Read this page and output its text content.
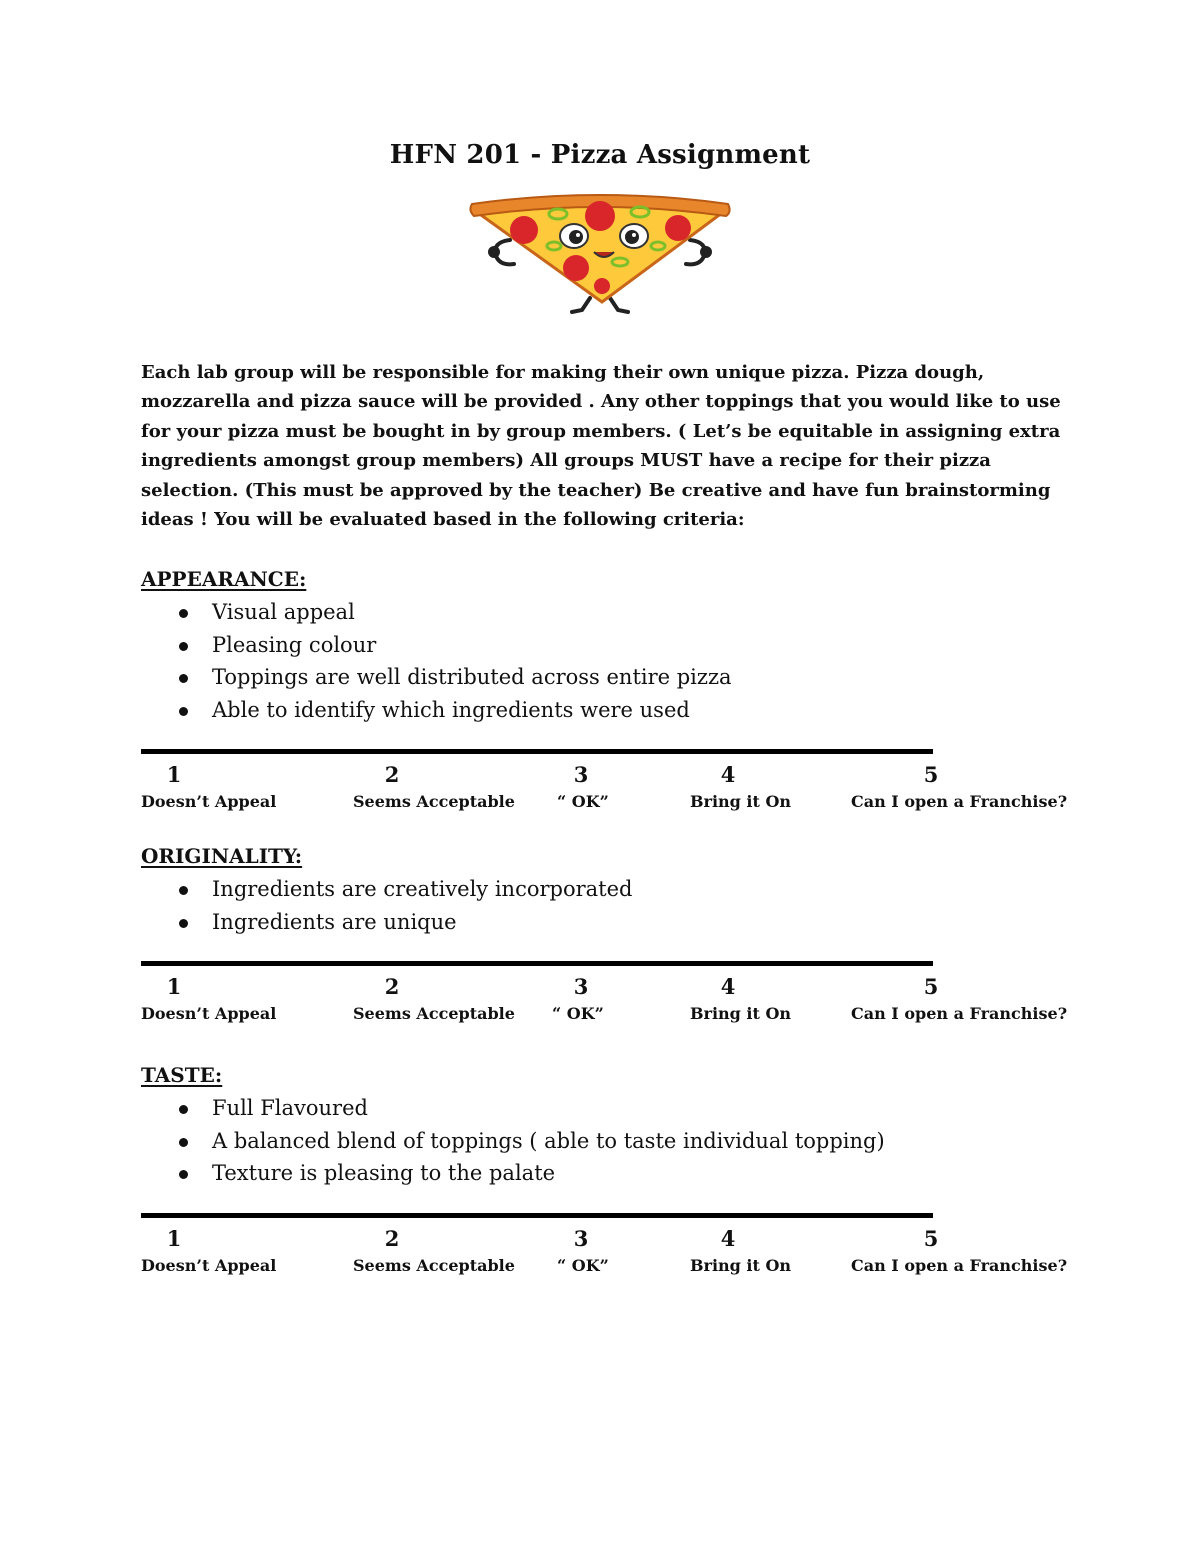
HFN 201 - Pizza Assignment
Each lab group will be responsible for making their own unique pizza. Pizza dough,
mozzarella and pizza sauce will be provided . Any other toppings that you would like to use
for your pizza must be bought in by group members. ( Let’s be equitable in assigning extra
ingredients amongst group members) All groups MUST have a recipe for their pizza
selection. (This must be approved by the teacher) Be creative and have fun brainstorming
ideas ! You will be evaluated based in the following criteria:
APPEARANCE:
Visual appeal
Pleasing colour
Toppings are well distributed across entire pizza
Able to identify which ingredients were used
1
Doesn’t Appeal
2
Seems Acceptable
3
“ OK”
4
Bring it On
5
Can I open a Franchise?
ORIGINALITY:
Ingredients are creatively incorporated
Ingredients are unique
1
Doesn’t Appeal
2
Seems Acceptable
3
“ OK”
4
Bring it On
5
Can I open a Franchise?
TASTE:
Full Flavoured
A balanced blend of toppings ( able to taste individual topping)
Texture is pleasing to the palate
1
Doesn’t Appeal
2
Seems Acceptable
3
“ OK”
4
Bring it On
5
Can I open a Franchise?
